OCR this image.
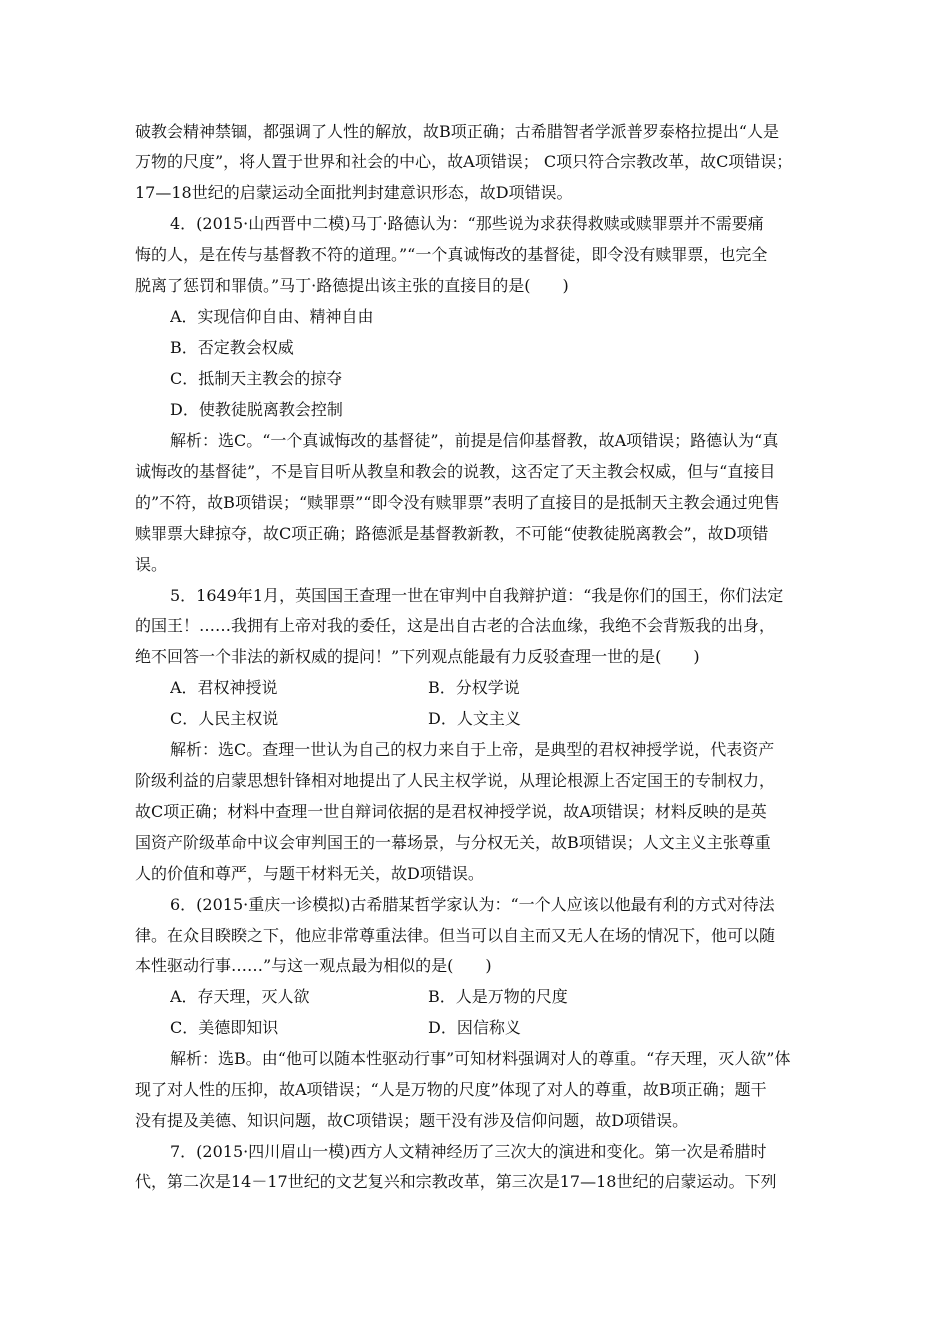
破教会精神禁锢，都强调了人性的解放，故B项正确；古希腊智者学派普罗泰格拉提出“人是
万物的尺度”，将人置于世界和社会的中心，故A项错误； C项只符合宗教改革，故C项错误；
17—18世纪的启蒙运动全面批判封建意识形态，故D项错误。
4．(2015·山西晋中二模)马丁·路德认为：“那些说为求获得救赎或赎罪票并不需要痛
悔的人，是在传与基督教不符的道理。”“一个真诚悔改的基督徒，即令没有赎罪票，也完全
脱离了惩罚和罪债。”马丁·路德提出该主张的直接目的是(　　)
A．实现信仰自由、精神自由
B．否定教会权威
C．抵制天主教会的掠夺
D．使教徒脱离教会控制
解析：选C。“一个真诚悔改的基督徒”，前提是信仰基督教，故A项错误；路德认为“真
诚悔改的基督徒”，不是盲目听从教皇和教会的说教，这否定了天主教会权威，但与“直接目
的”不符，故B项错误；“赎罪票”“即令没有赎罪票”表明了直接目的是抵制天主教会通过兜售
赎罪票大肆掠夺，故C项正确；路德派是基督教新教，不可能“使教徒脱离教会”，故D项错
误。
5．1649年1月，英国国王查理一世在审判中自我辩护道：“我是你们的国王，你们法定
的国王！……我拥有上帝对我的委任，这是出自古老的合法血缘，我绝不会背叛我的出身，
绝不回答一个非法的新权威的提问！”下列观点能最有力反驳查理一世的是(　　)
A．君权神授说	B．分权学说
C．人民主权说	D．人文主义
解析：选C。查理一世认为自己的权力来自于上帝，是典型的君权神授学说，代表资产
阶级利益的启蒙思想针锋相对地提出了人民主权学说，从理论根源上否定国王的专制权力，
故C项正确；材料中查理一世自辩词依据的是君权神授学说，故A项错误；材料反映的是英
国资产阶级革命中议会审判国王的一幕场景，与分权无关，故B项错误；人文主义主张尊重
人的价值和尊严，与题干材料无关，故D项错误。
6．(2015·重庆一诊模拟)古希腊某哲学家认为：“一个人应该以他最有利的方式对待法
律。在众目睽睽之下，他应非常尊重法律。但当可以自主而又无人在场的情况下，他可以随
本性驱动行事……”与这一观点最为相似的是(　　)
A．存天理，灭人欲	B．人是万物的尺度
C．美德即知识	D．因信称义
解析：选B。由“他可以随本性驱动行事”可知材料强调对人的尊重。“存天理，灭人欲”体
现了对人性的压抑，故A项错误；“人是万物的尺度”体现了对人的尊重，故B项正确；题干
没有提及美德、知识问题，故C项错误；题干没有涉及信仰问题，故D项错误。
7．(2015·四川眉山一模)西方人文精神经历了三次大的演进和变化。第一次是希腊时
代，第二次是14－17世纪的文艺复兴和宗教改革，第三次是17—18世纪的启蒙运动。下列
